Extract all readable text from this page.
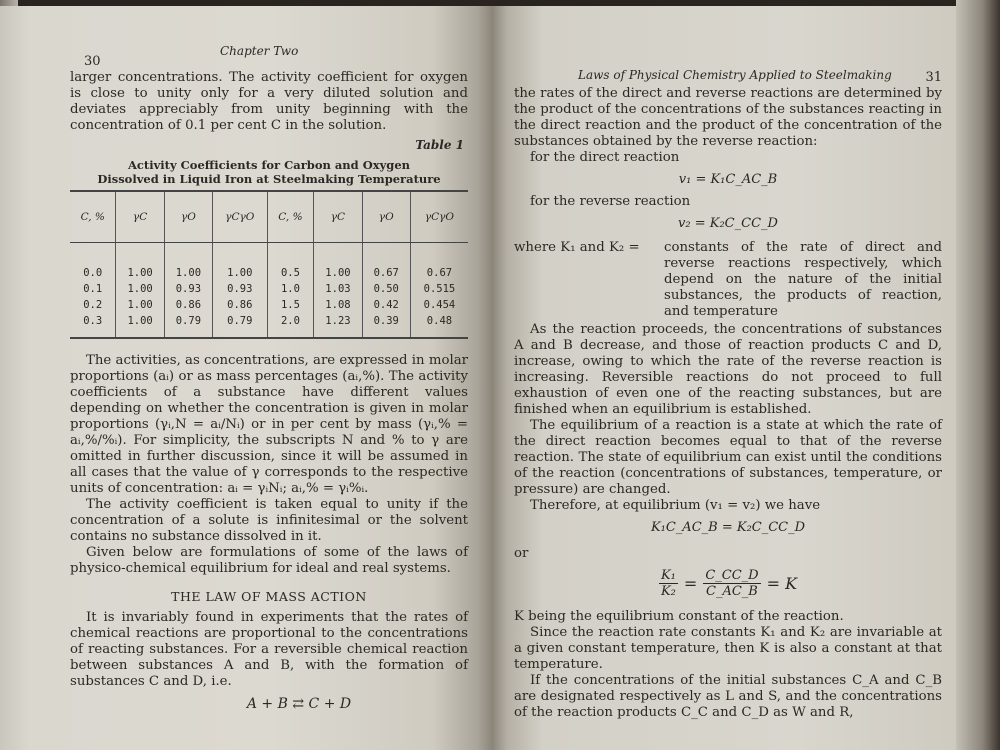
30
Chapter Two

larger concentrations. The activity coefficient for oxygen is close to unity only for a very diluted solution and deviates appreciably from unity beginning with the concentration of 0.1 per cent C in the solution.

Table 1
Activity Coefficients for Carbon and Oxygen
Dissolved in Liquid Iron at Steelmaking Temperature
C, %	γC	γO	γCγO	C, %	γC	γO	γCγO
0.0	1.00	1.00	1.00	0.5	1.00	0.67	0.67
0.1	1.00	0.93	0.93	1.0	1.03	0.50	0.515
0.2	1.00	0.86	0.86	1.5	1.08	0.42	0.454
0.3	1.00	0.79	0.79	2.0	1.23	0.39	0.48

The activities, as concentrations, are expressed in molar proportions (aᵢ) or as mass percentages (aᵢ,%). The activity coefficients of a substance have different values depending on whether the concentration is given in molar proportions (γᵢ,N = aᵢ/Nᵢ) or in per cent by mass (γᵢ,% = aᵢ,%/%ᵢ). For simplicity, the subscripts N and % to γ are omitted in further discussion, since it will be assumed in all cases that the value of γ corresponds to the respective units of concentration: aᵢ = γᵢNᵢ; aᵢ,% = γᵢ%ᵢ.

The activity coefficient is taken equal to unity if the concentration of a solute is infinitesimal or the solvent contains no substance dissolved in it.

Given below are formulations of some of the laws of physico-chemical equilibrium for ideal and real systems.

THE LAW OF MASS ACTION

It is invariably found in experiments that the rates of chemical reactions are proportional to the concentrations of reacting substances. For a reversible chemical reaction between substances A and B, with the formation of substances C and D, i.e.

A + B ⇄ C + D
Laws of Physical Chemistry Applied to Steelmaking	31

the rates of the direct and reverse reactions are determined by the product of the concentrations of the substances reacting in the direct reaction and the product of the concentration of the substances obtained by the reverse reaction:

for the direct reaction

v₁ = K₁C_AC_B

for the reverse reaction

v₂ = K₂C_CC_D
where K₁ and K₂ =	constants of the rate of direct and reverse reactions respectively, which depend on the nature of the initial substances, the products of reaction, and temperature

As the reaction proceeds, the concentrations of substances A and B decrease, and those of reaction products C and D, increase, owing to which the rate of the reverse reaction is increasing. Reversible reactions do not proceed to full exhaustion of even one of the reacting substances, but are finished when an equilibrium is established.

The equilibrium of a reaction is a state at which the rate of the direct reaction becomes equal to that of the reverse reaction. The state of equilibrium can exist until the conditions of the reaction (concentrations of substances, temperature, or pressure) are changed.

Therefore, at equilibrium (v₁ = v₂) we have

K₁C_AC_B = K₂C_CC_D
or
$\frac{\text{K₁}}{\text{K₂}} = \frac{C\_CC\_D}{C\_AC\_B} = K$

K being the equilibrium constant of the reaction.

Since the reaction rate constants K₁ and K₂ are invariable at a given constant temperature, then K is also a constant at that temperature.

If the concentrations of the initial substances C_A and C_B are designated respectively as L and S, and the concentrations of the reaction products C_C and C_D as W and R,
